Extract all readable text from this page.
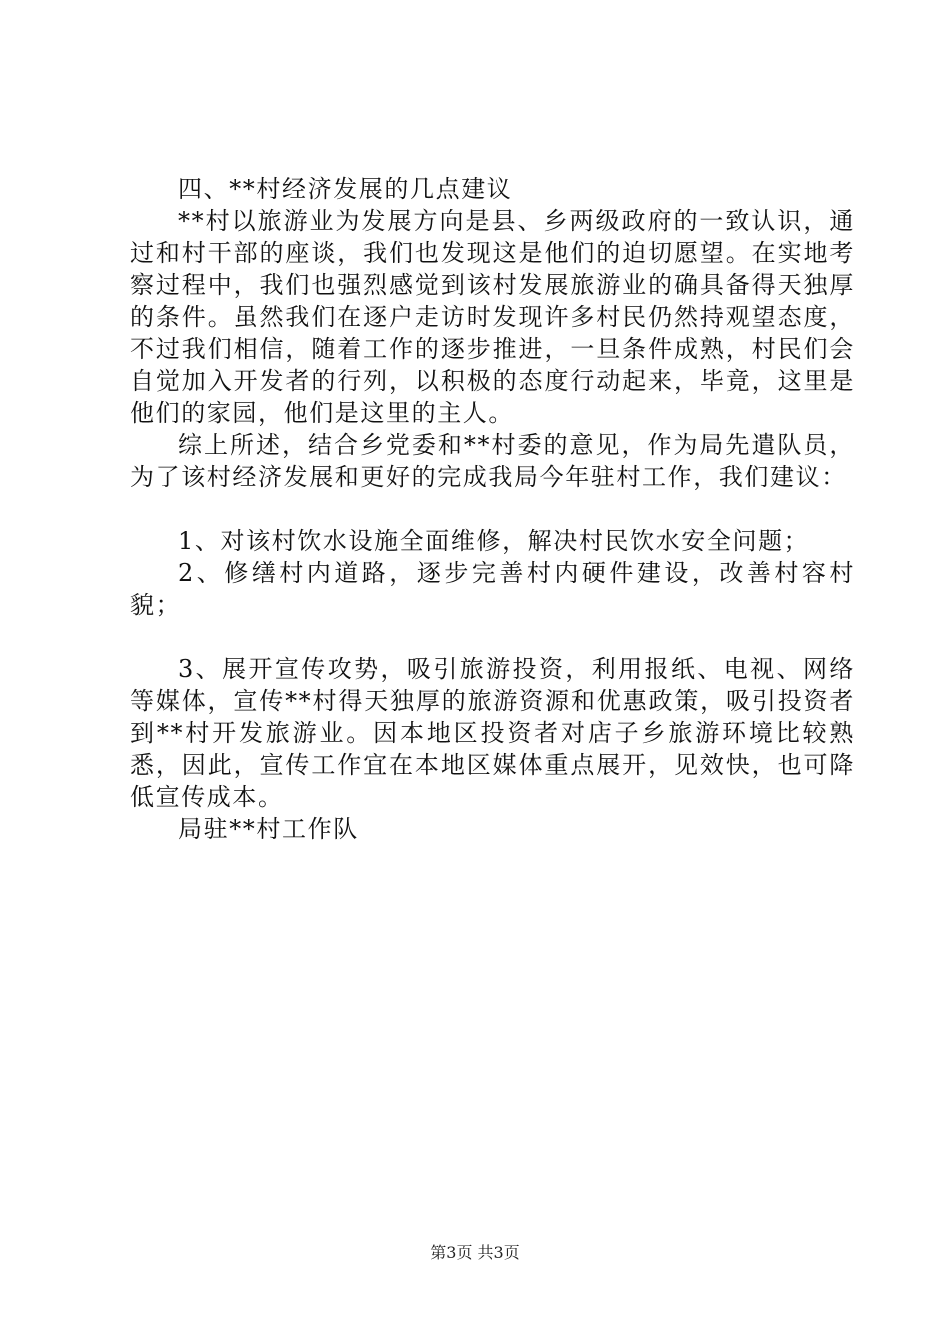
四、**村经济发展的几点建议

**村以旅游业为发展方向是县、乡两级政府的一致认识，通过和村干部的座谈，我们也发现这是他们的迫切愿望。在实地考察过程中，我们也强烈感觉到该村发展旅游业的确具备得天独厚的条件。虽然我们在逐户走访时发现许多村民仍然持观望态度，不过我们相信，随着工作的逐步推进，一旦条件成熟，村民们会自觉加入开发者的行列，以积极的态度行动起来，毕竟，这里是他们的家园，他们是这里的主人。

综上所述，结合乡党委和**村委的意见，作为局先遣队员，为了该村经济发展和更好的完成我局今年驻村工作，我们建议：

1、对该村饮水设施全面维修，解决村民饮水安全问题；

2、修缮村内道路，逐步完善村内硬件建设，改善村容村貌；

3、展开宣传攻势，吸引旅游投资，利用报纸、电视、网络等媒体，宣传**村得天独厚的旅游资源和优惠政策，吸引投资者到**村开发旅游业。因本地区投资者对店子乡旅游环境比较熟悉，因此，宣传工作宜在本地区媒体重点展开，见效快，也可降低宣传成本。

局驻**村工作队

第3页 共3页
